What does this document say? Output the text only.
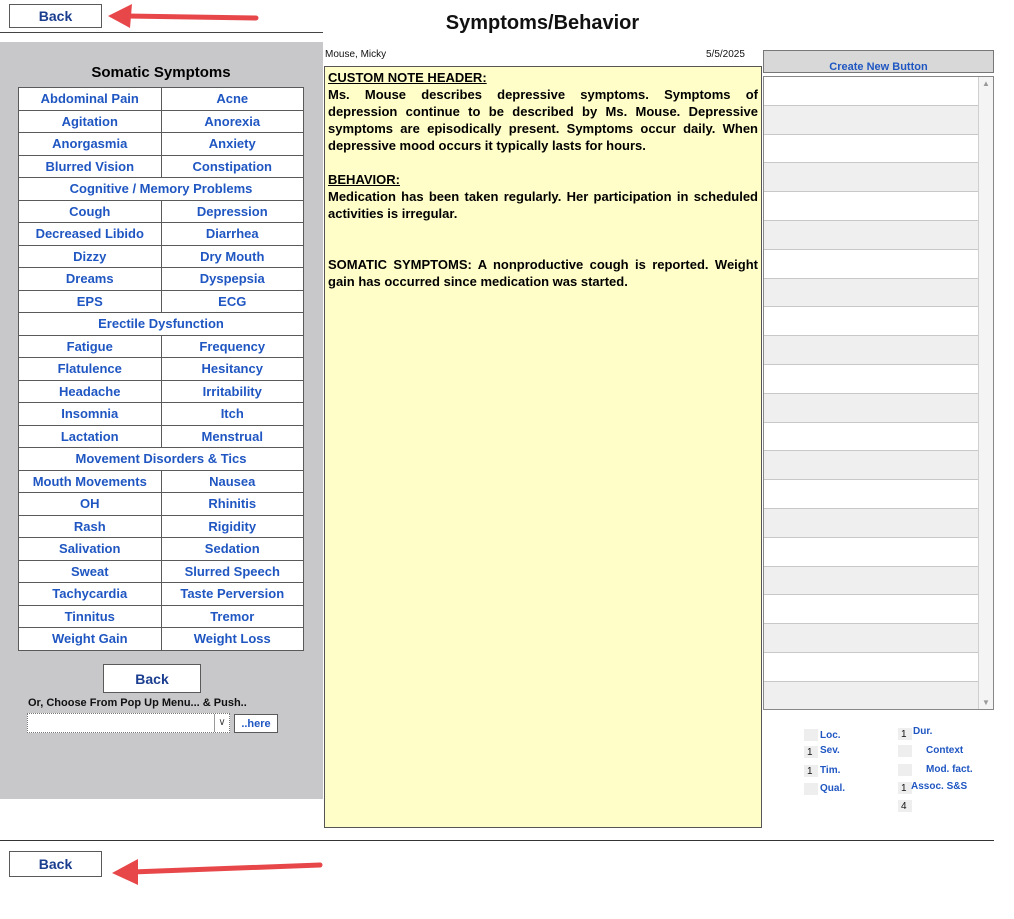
Back	Symptoms/Behavior
Somatic Symptoms
Abdominal Pain	Acne
Agitation	Anorexia
Anorgasmia	Anxiety
Blurred Vision	Constipation
Cognitive / Memory Problems
Cough	Depression
Decreased Libido	Diarrhea
Dizzy	Dry Mouth
Dreams	Dyspepsia
EPS	ECG
Erectile Dysfunction
Fatigue	Frequency
Flatulence	Hesitancy
Headache	Irritability
Insomnia	Itch
Lactation	Menstrual
Movement Disorders & Tics
Mouth Movements	Nausea
OH	Rhinitis
Rash	Rigidity
Salivation	Sedation
Sweat	Slurred Speech
Tachycardia	Taste Perversion
Tinnitus	Tremor
Weight Gain	Weight Loss
Back
Or, Choose From Pop Up Menu... & Push..
∨	..here
Mouse, Micky	5/5/2025
CUSTOM NOTE HEADER:

Ms. Mouse describes depressive symptoms. Symptoms of depression continue to be described by Ms. Mouse. Depressive symptoms are episodically present. Symptoms occur daily. When depressive mood occurs it typically lasts for hours.

BEHAVIOR:

Medication has been taken regularly. Her participation in scheduled activities is irregular.

SOMATIC SYMPTOMS: A nonproductive cough is reported. Weight gain has occurred since medication was started.

Create New Button
▲
▼
Loc.
1 Sev.
1 Tim.
Qual.
1 Dur.
Context
Mod. fact.
1 Assoc. S&S
4
Back
